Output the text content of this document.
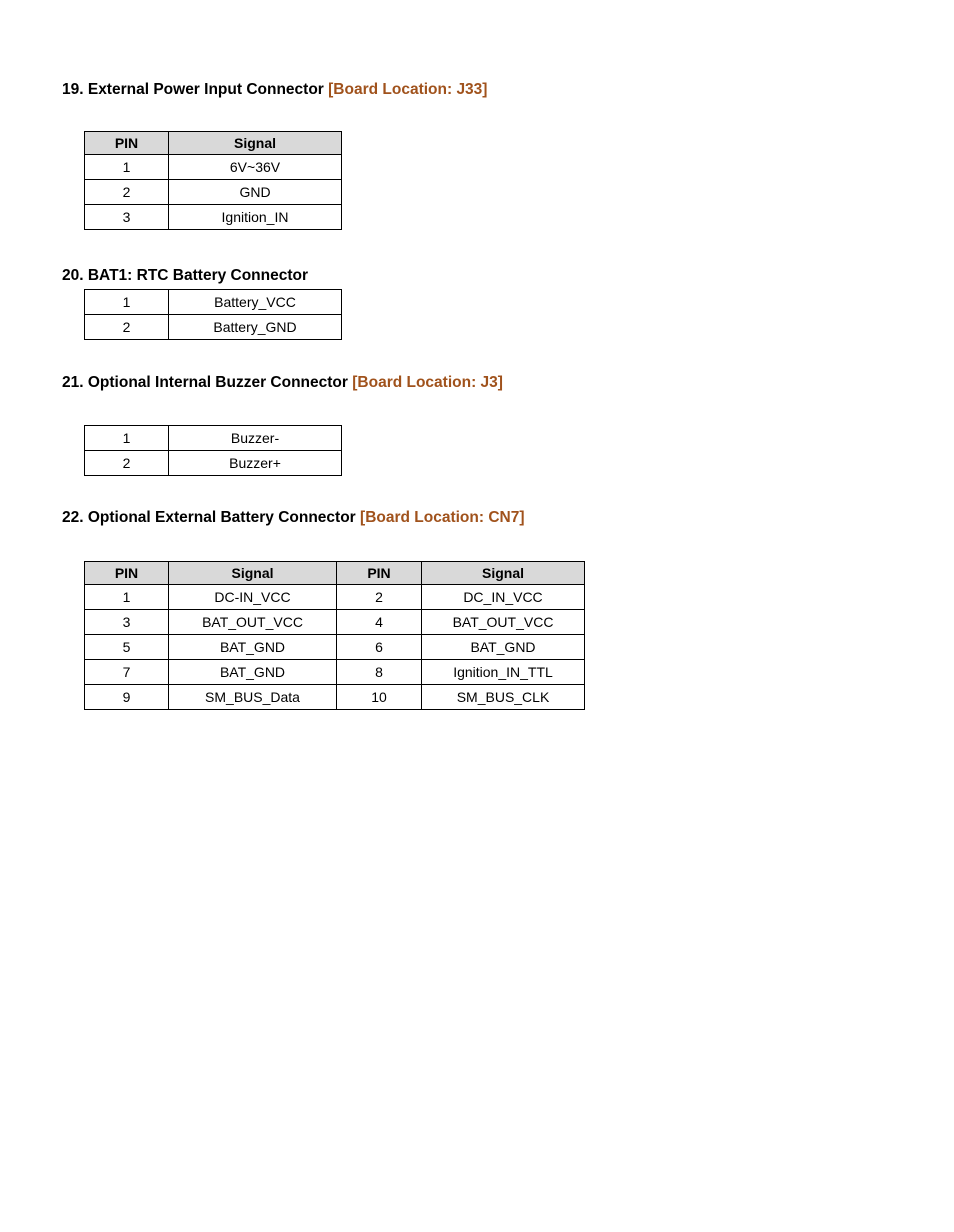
19. External Power Input Connector [Board Location: J33]
PIN	Signal
1	6V~36V
2	GND
3	Ignition_IN
20. BAT1: RTC Battery Connector
1	Battery_VCC
2	Battery_GND
21. Optional Internal Buzzer Connector [Board Location: J3]
1	Buzzer-
2	Buzzer+
22. Optional External Battery Connector [Board Location: CN7]
PIN	Signal	PIN	Signal
1	DC-IN_VCC	2	DC_IN_VCC
3	BAT_OUT_VCC	4	BAT_OUT_VCC
5	BAT_GND	6	BAT_GND
7	BAT_GND	8	Ignition_IN_TTL
9	SM_BUS_Data	10	SM_BUS_CLK
